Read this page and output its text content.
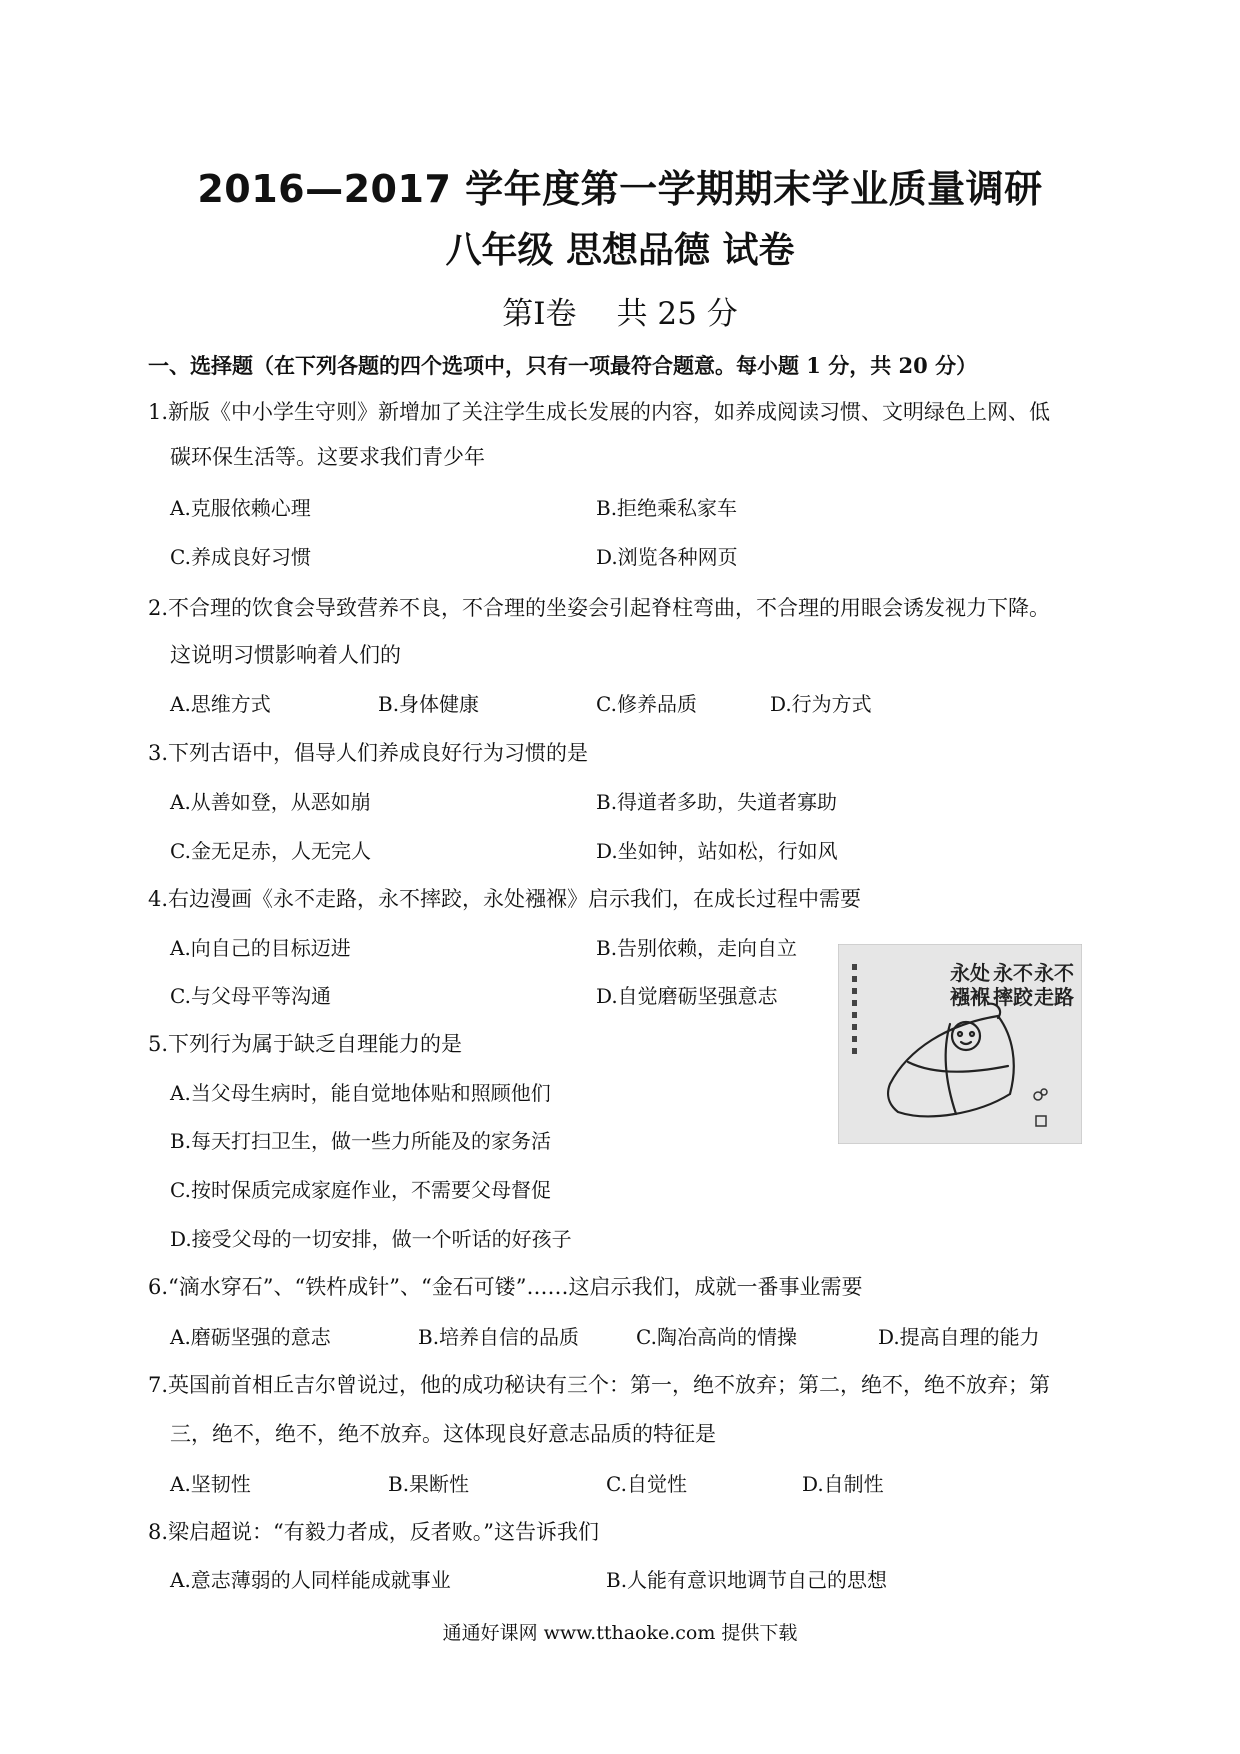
2016—2017 学年度第一学期期末学业质量调研
八年级 思想品德 试卷
第Ⅰ卷 共 25 分
一、选择题（在下列各题的四个选项中，只有一项最符合题意。每小题 1 分，共 20 分）
1.新版《中小学生守则》新增加了关注学生成长发展的内容，如养成阅读习惯、文明绿色上网、低
碳环保生活等。这要求我们青少年
A.克服依赖心理	B.拒绝乘私家车
C.养成良好习惯	D.浏览各种网页
2.不合理的饮食会导致营养不良，不合理的坐姿会引起脊柱弯曲，不合理的用眼会诱发视力下降。
这说明习惯影响着人们的
A.思维方式	B.身体健康	C.修养品质	D.行为方式
3.下列古语中，倡导人们养成良好行为习惯的是
A.从善如登，从恶如崩	B.得道者多助，失道者寡助
C.金无足赤，人无完人	D.坐如钟，站如松，行如风
4.右边漫画《永不走路，永不摔跤，永处襁褓》启示我们，在成长过程中需要
A.向自己的目标迈进	B.告别依赖，走向自立
C.与父母平等沟通	D.自觉磨砺坚强意志
永不
走路
永不
摔跤
永处
襁褓
5.下列行为属于缺乏自理能力的是
A.当父母生病时，能自觉地体贴和照顾他们
B.每天打扫卫生，做一些力所能及的家务活
C.按时保质完成家庭作业，不需要父母督促
D.接受父母的一切安排，做一个听话的好孩子
6.“滴水穿石”、“铁杵成针”、“金石可镂”……这启示我们，成就一番事业需要
A.磨砺坚强的意志	B.培养自信的品质	C.陶冶高尚的情操	D.提高自理的能力
7.英国前首相丘吉尔曾说过，他的成功秘诀有三个：第一，绝不放弃；第二，绝不，绝不放弃；第
三，绝不，绝不，绝不放弃。这体现良好意志品质的特征是
A.坚韧性	B.果断性	C.自觉性	D.自制性
8.梁启超说：“有毅力者成，反者败。”这告诉我们
A.意志薄弱的人同样能成就事业	B.人能有意识地调节自己的思想
通通好课网 www.tthaoke.com 提供下载
